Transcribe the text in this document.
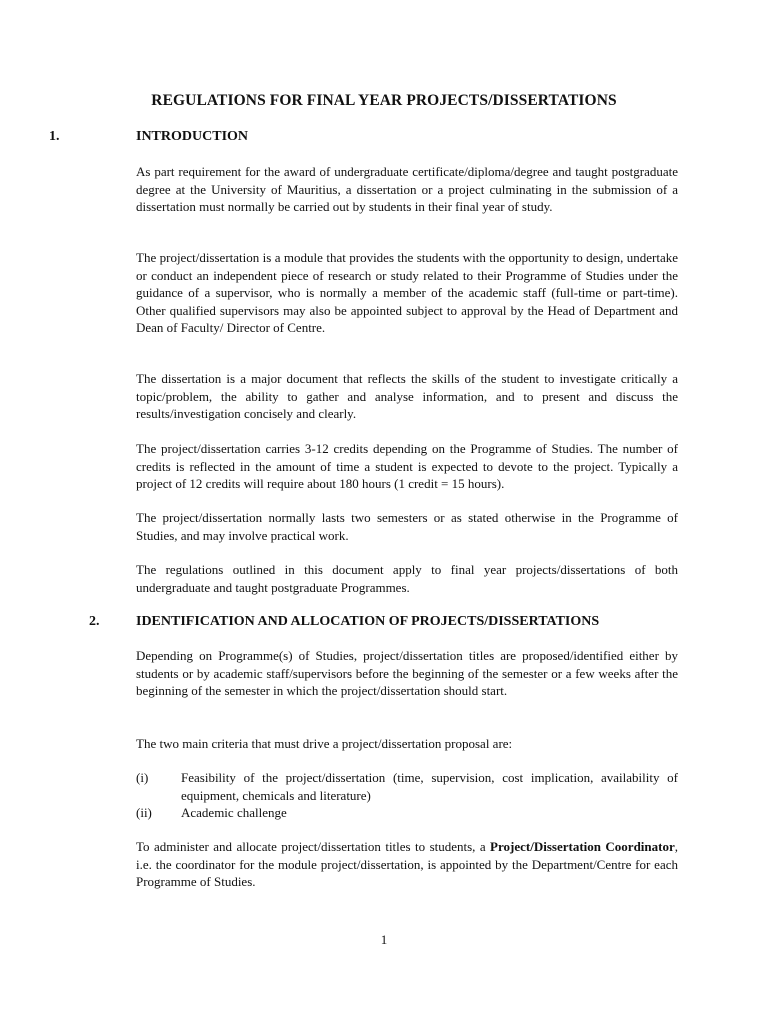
REGULATIONS FOR FINAL YEAR PROJECTS/DISSERTATIONS
1.	INTRODUCTION

As part requirement for the award of undergraduate certificate/diploma/degree and taught postgraduate degree at the University of Mauritius, a dissertation or a project culminating in the submission of a dissertation must normally be carried out by students in their final year of study.

The project/dissertation is a module that provides the students with the opportunity to design, undertake or conduct an independent piece of research or study related to their Programme of Studies under the guidance of a supervisor, who is normally a member of the academic staff (full-time or part-time). Other qualified supervisors may also be appointed subject to approval by the Head of Department and Dean of Faculty/ Director of Centre.

The dissertation is a major document that reflects the skills of the student to investigate critically a topic/problem, the ability to gather and analyse information, and to present and discuss the results/investigation concisely and clearly.

The project/dissertation carries 3-12 credits depending on the Programme of Studies. The number of credits is reflected in the amount of time a student is expected to devote to the project. Typically a project of 12 credits will require about 180 hours (1 credit = 15 hours).

The project/dissertation normally lasts two semesters or as stated otherwise in the Programme of Studies, and may involve practical work.

The regulations outlined in this document apply to final year projects/dissertations of both undergraduate and taught postgraduate Programmes.

2.	IDENTIFICATION AND ALLOCATION OF PROJECTS/DISSERTATIONS

Depending on Programme(s) of Studies, project/dissertation titles are proposed/identified either by students or by academic staff/supervisors before the beginning of the semester or a few weeks after the beginning of the semester in which the project/dissertation should start.

The two main criteria that must drive a project/dissertation proposal are:

(i)	Feasibility of the project/dissertation (time, supervision, cost implication, availability of equipment, chemicals and literature)
(ii) Academic challenge

To administer and allocate project/dissertation titles to students, a Project/Dissertation Coordinator, i.e. the coordinator for the module project/dissertation, is appointed by the Department/Centre for each Programme of Studies.

1
